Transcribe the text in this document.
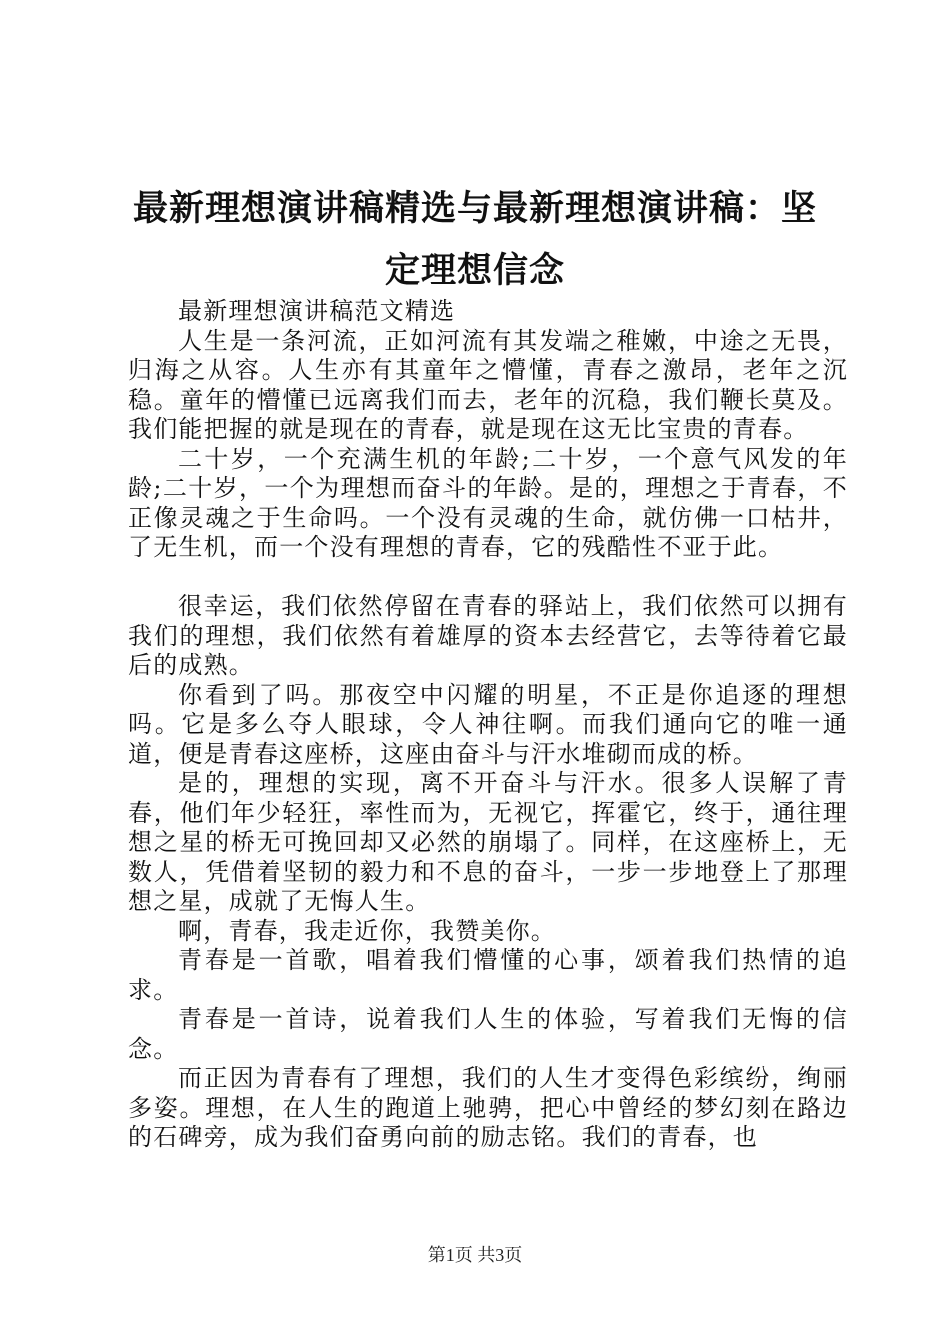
最新理想演讲稿精选与最新理想演讲稿：坚定理想信念

最新理想演讲稿范文精选

人生是一条河流，正如河流有其发端之稚嫩，中途之无畏，归海之从容。人生亦有其童年之懵懂，青春之激昂，老年之沉稳。童年的懵懂已远离我们而去，老年的沉稳，我们鞭长莫及。我们能把握的就是现在的青春，就是现在这无比宝贵的青春。

二十岁，一个充满生机的年龄;二十岁，一个意气风发的年龄;二十岁，一个为理想而奋斗的年龄。是的，理想之于青春，不正像灵魂之于生命吗。一个没有灵魂的生命，就仿佛一口枯井，了无生机，而一个没有理想的青春，它的残酷性不亚于此。

很幸运，我们依然停留在青春的驿站上，我们依然可以拥有我们的理想，我们依然有着雄厚的资本去经营它，去等待着它最后的成熟。

你看到了吗。那夜空中闪耀的明星，不正是你追逐的理想吗。它是多么夺人眼球，令人神往啊。而我们通向它的唯一通道，便是青春这座桥，这座由奋斗与汗水堆砌而成的桥。

是的，理想的实现，离不开奋斗与汗水。很多人误解了青春，他们年少轻狂，率性而为，无视它，挥霍它，终于，通往理想之星的桥无可挽回却又必然的崩塌了。同样，在这座桥上，无数人，凭借着坚韧的毅力和不息的奋斗，一步一步地登上了那理想之星，成就了无悔人生。

啊，青春，我走近你，我赞美你。

青春是一首歌，唱着我们懵懂的心事，颂着我们热情的追求。

青春是一首诗，说着我们人生的体验，写着我们无悔的信念。

而正因为青春有了理想，我们的人生才变得色彩缤纷，绚丽多姿。理想，在人生的跑道上驰骋，把心中曾经的梦幻刻在路边的石碑旁，成为我们奋勇向前的励志铭。我们的青春，也

第1页 共3页
